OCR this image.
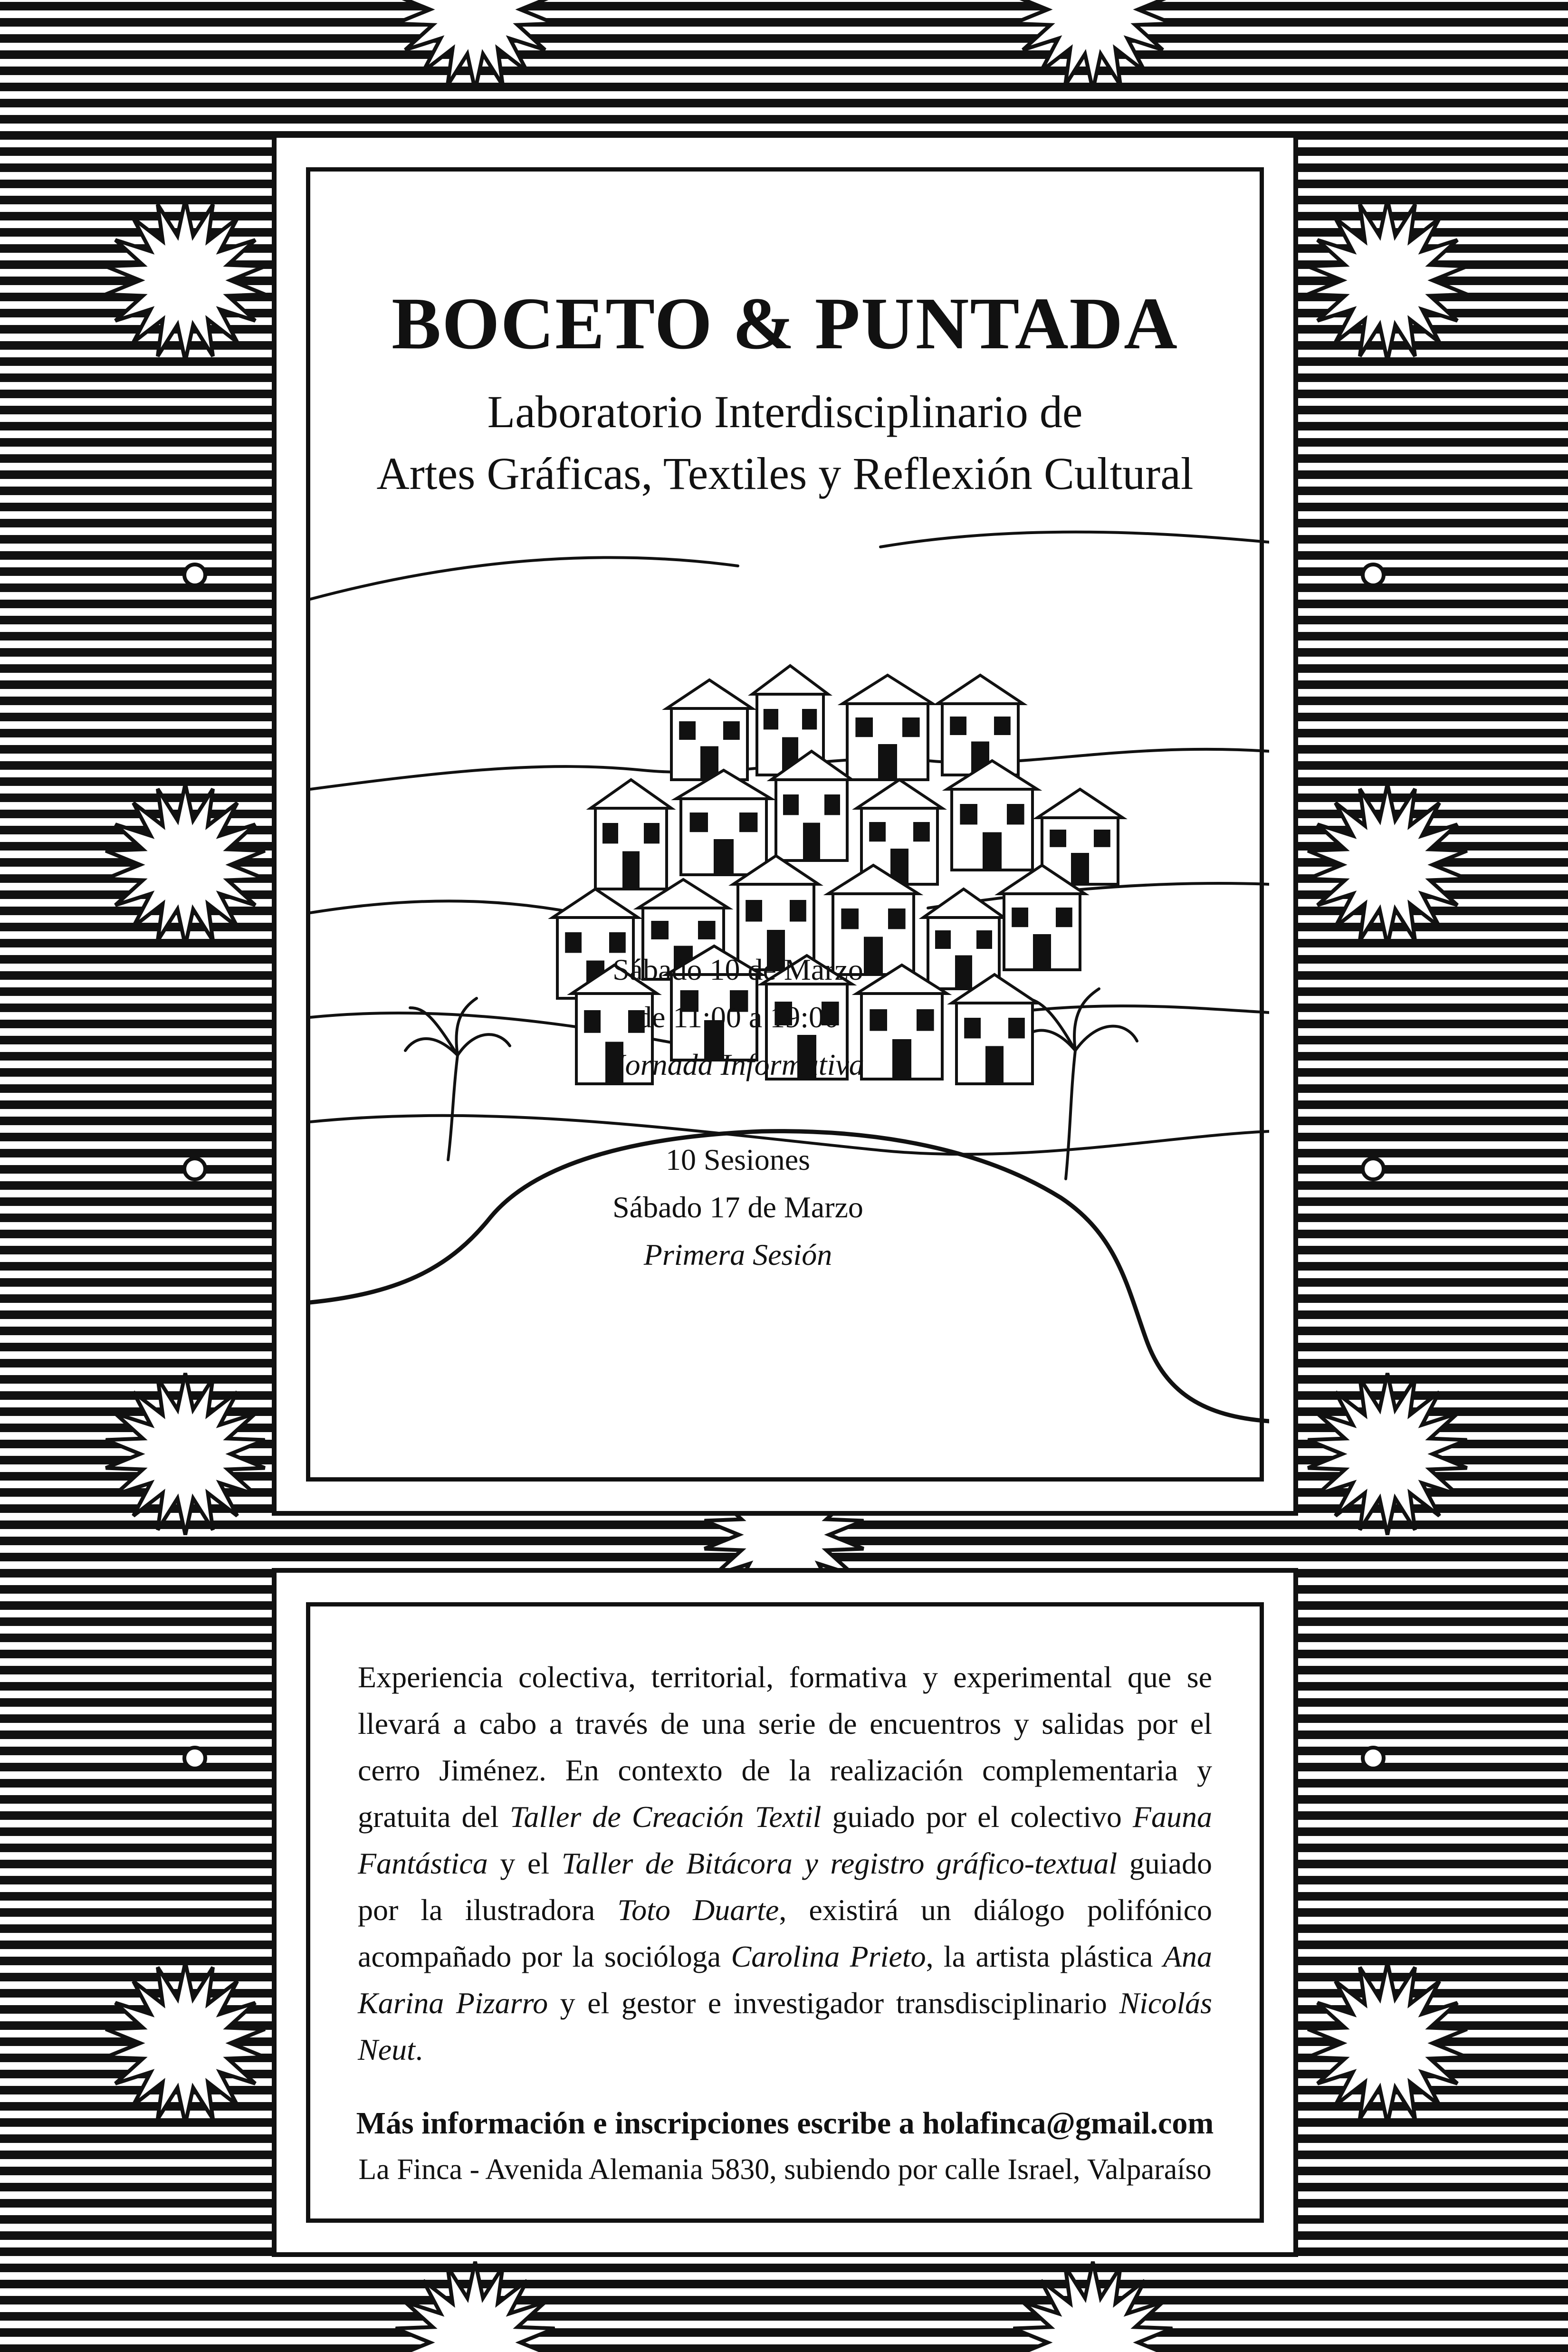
BOCETO & PUNTADA
Laboratorio Interdisciplinario de
Artes Gráficas, Textiles y Reflexión Cultural
Sábado 10 de Marzo
de 11:00 a 19:00
Jornada Informativa
10 Sesiones
Sábado 17 de Marzo
Primera Sesión
Experiencia colectiva, territorial, formativa y experimental que se llevará a cabo a través de una serie de encuentros y salidas por el cerro Jiménez. En contexto de la realización complementaria y gratuita del Taller de Creación Textil guiado por el colectivo Fauna Fantástica y el Taller de Bitácora y registro gráfico-textual guiado por la ilustradora Toto Duarte, existirá un diálogo polifónico acompañado por la socióloga Carolina Prieto, la artista plástica Ana Karina Pizarro y el gestor e investigador transdisciplinario Nicolás Neut.
Más información e inscripciones escribe a holafinca@gmail.com
La Finca - Avenida Alemania 5830, subiendo por calle Israel, Valparaíso
